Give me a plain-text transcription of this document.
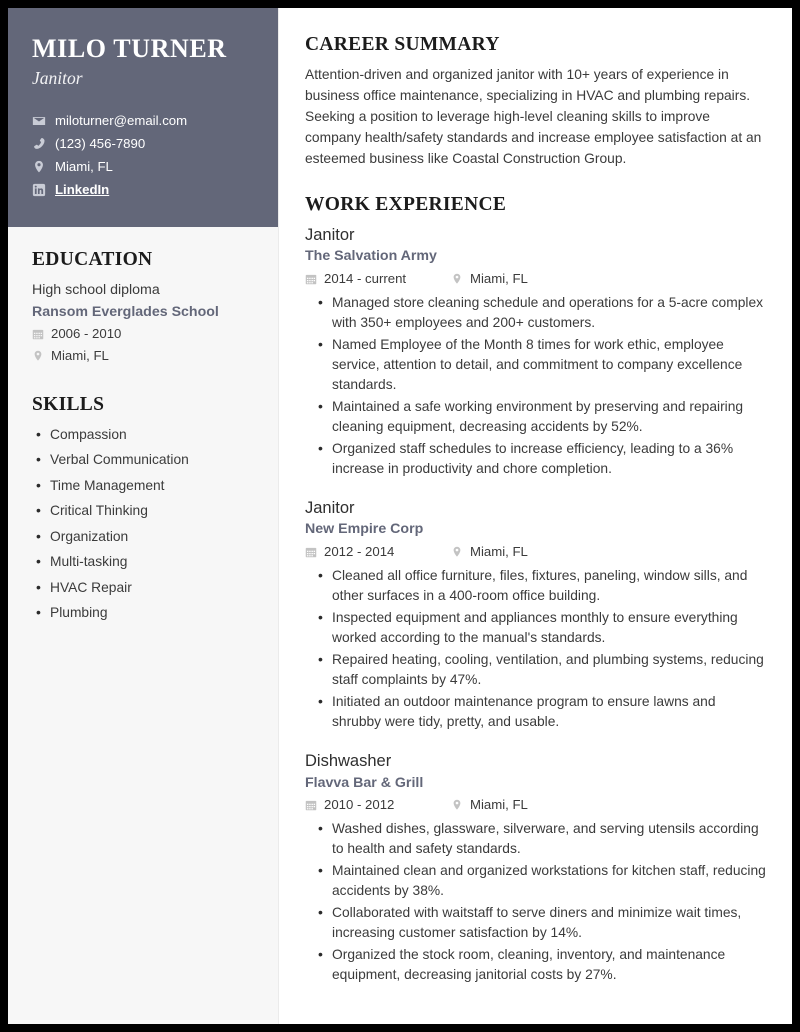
MILO TURNER
Janitor
miloturner@email.com
(123) 456-7890
Miami, FL
LinkedIn
EDUCATION
High school diploma
Ransom Everglades School
2006 - 2010
Miami, FL
SKILLS
• Compassion
• Verbal Communication
• Time Management
• Critical Thinking
• Organization
• Multi-tasking
• HVAC Repair
• Plumbing
CAREER SUMMARY

Attention-driven and organized janitor with 10+ years of experience in business office maintenance, specializing in HVAC and plumbing repairs. Seeking a position to leverage high-level cleaning skills to improve company health/safety standards and increase employee satisfaction at an esteemed business like Coastal Construction Group.

WORK EXPERIENCE
Janitor
The Salvation Army
2014 - current	Miami, FL
• Managed store cleaning schedule and operations for a 5-acre complex with 350+ employees and 200+ customers.
• Named Employee of the Month 8 times for work ethic, employee service, attention to detail, and commitment to company excellence standards.
• Maintained a safe working environment by preserving and repairing cleaning equipment, decreasing accidents by 52%.
• Organized staff schedules to increase efficiency, leading to a 36% increase in productivity and chore completion.
Janitor
New Empire Corp
2012 - 2014	Miami, FL
• Cleaned all office furniture, files, fixtures, paneling, window sills, and other surfaces in a 400-room office building.
• Inspected equipment and appliances monthly to ensure everything worked according to the manual's standards.
• Repaired heating, cooling, ventilation, and plumbing systems, reducing staff complaints by 47%.
• Initiated an outdoor maintenance program to ensure lawns and shrubby were tidy, pretty, and usable.
Dishwasher
Flavva Bar & Grill
2010 - 2012	Miami, FL
• Washed dishes, glassware, silverware, and serving utensils according to health and safety standards.
• Maintained clean and organized workstations for kitchen staff, reducing accidents by 38%.
• Collaborated with waitstaff to serve diners and minimize wait times, increasing customer satisfaction by 14%.
• Organized the stock room, cleaning, inventory, and maintenance equipment, decreasing janitorial costs by 27%.
